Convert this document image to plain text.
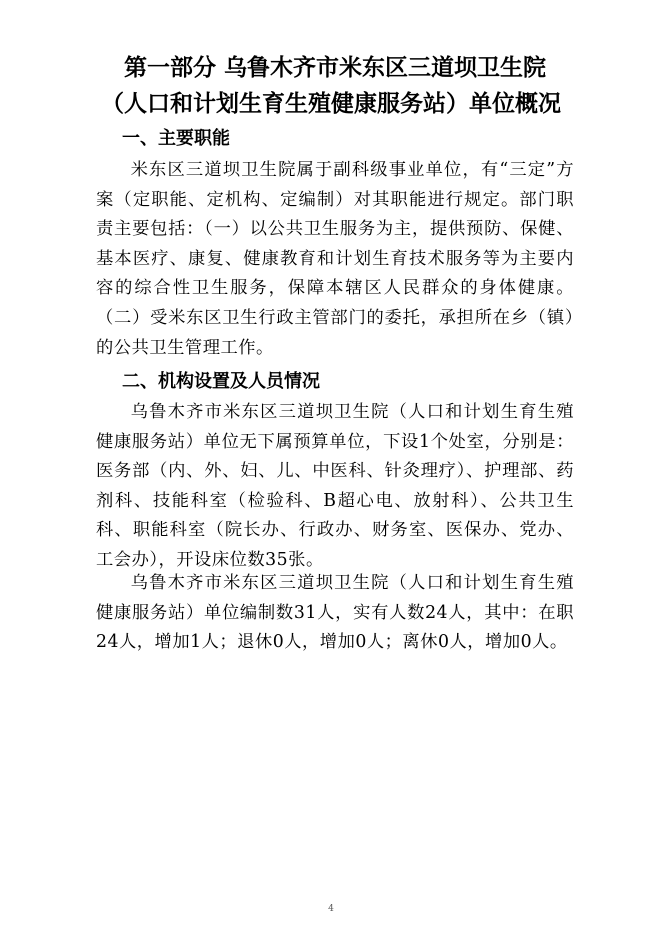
第一部分 乌鲁木齐市米东区三道坝卫生院
（人口和计划生育生殖健康服务站）单位概况
一、主要职能
米东区三道坝卫生院属于副科级事业单位，有“三定”方案（定职能、定机构、定编制）对其职能进行规定。部门职责主要包括：（一）以公共卫生服务为主，提供预防、保健、基本医疗、康复、健康教育和计划生育技术服务等为主要内容的综合性卫生服务，保障本辖区人民群众的身体健康。（二）受米东区卫生行政主管部门的委托，承担所在乡（镇）的公共卫生管理工作。
二、机构设置及人员情况
乌鲁木齐市米东区三道坝卫生院（人口和计划生育生殖健康服务站）单位无下属预算单位，下设1个处室，分别是：医务部（内、外、妇、儿、中医科、针灸理疗）、护理部、药剂科、技能科室（检验科、B超心电、放射科）、公共卫生科、职能科室（院长办、行政办、财务室、医保办、党办、工会办），开设床位数35张。
乌鲁木齐市米东区三道坝卫生院（人口和计划生育生殖健康服务站）单位编制数31人，实有人数24人，其中：在职24人，增加1人；退休0人，增加0人；离休0人，增加0人。
4
